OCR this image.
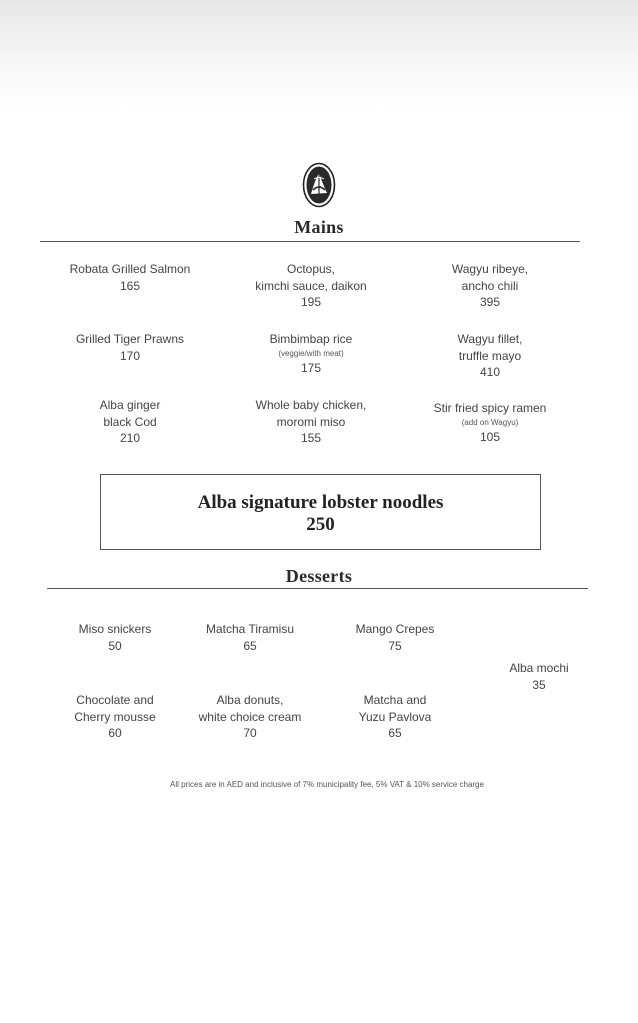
Mains
Robata Grilled Salmon
165
Octopus,
kimchi sauce, daikon
195
Wagyu ribeye,
ancho chili
395
Grilled Tiger Prawns
170
Bimbimbap rice
(veggie/with meat)
175
Wagyu fillet,
truffle mayo
410
Alba ginger
black Cod
210
Whole baby chicken,
moromi miso
155
Stir fried spicy ramen
(add on Wagyu)
105
Alba signature lobster noodles
250
Desserts
Miso snickers
50
Matcha Tiramisu
65
Mango Crepes
75
Alba mochi
35
Chocolate and
Cherry mousse
60
Alba donuts,
white choice cream
70
Matcha and
Yuzu Pavlova
65
All prices are in AED and inclusive of 7% municipality fee, 5% VAT & 10% service charge
